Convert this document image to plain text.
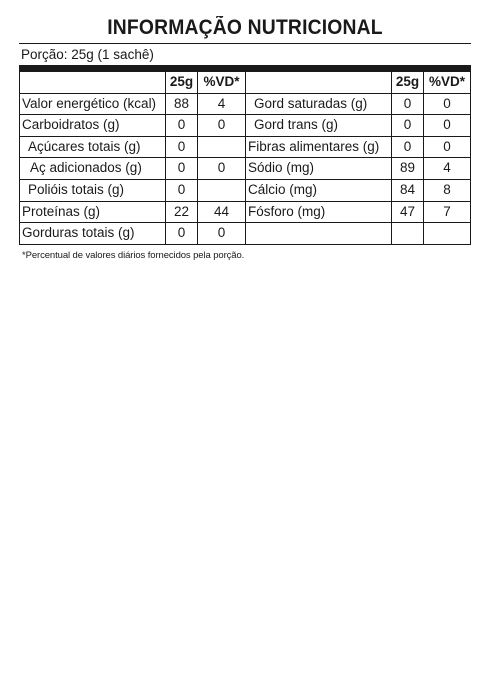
INFORMAÇÃO NUTRICIONAL
Porção: 25g (1 sachê)
25g %VD*
Valor energético (kcal)	88	4
Carboidratos (g)	0	0
Açúcares totais (g)	0
Aç adicionados (g)	0	0
Polióis totais (g)	0
Proteínas (g)	22	44
Gorduras totais (g)	0	0
25g %VD*
Gord saturadas (g)	0	0
Gord trans (g)	0	0
Fibras alimentares (g)	0	0
Sódio (mg)	89	4
Cálcio (mg)	84	8
Fósforo (mg)	47	7
*Percentual de valores diários fornecidos pela porção.
